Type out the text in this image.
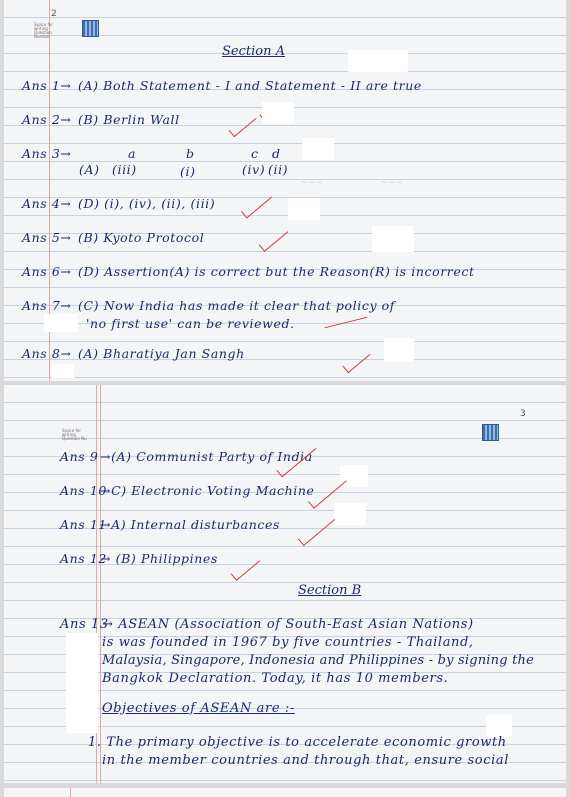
2
Space for writing Question Number
Section A
Ans 1→ (A) Both Statement - I and Statement - II are true
Ans 2→ (B) Berlin Wall
Ans 3→	a	b	c d
(A) (iii)	(i)	(iv) (ii)
~~~	~~~
Ans 4→ (D) (i), (iv), (ii), (iii)
Ans 5→ (B) Kyoto Protocol
Ans 6→ (D) Assertion(A) is correct but the Reason(R) is incorrect
Ans 7→ (C) Now India has made it clear that policy of
'no first use' can be reviewed.
Ans 8→ (A) Bharatiya Jan Sangh
3
Space for writing Question Nu
Ans 9 →(A) Communist Party of India
Ans 10
→C) Electronic Voting Machine
Ans 11
→A) Internal disturbances
Ans 12
→ (B) Philippines
Section B
Ans 13
→ ASEAN (Association of South-East Asian Nations)
is was founded in 1967 by five countries - Thailand,
Malaysia, Singapore, Indonesia and Philippines - by signing the
Bangkok Declaration. Today, it has 10 members.
Objectives of ASEAN are :-
1. The primary objective is to accelerate economic growth
in the member countries and through that, ensure social
